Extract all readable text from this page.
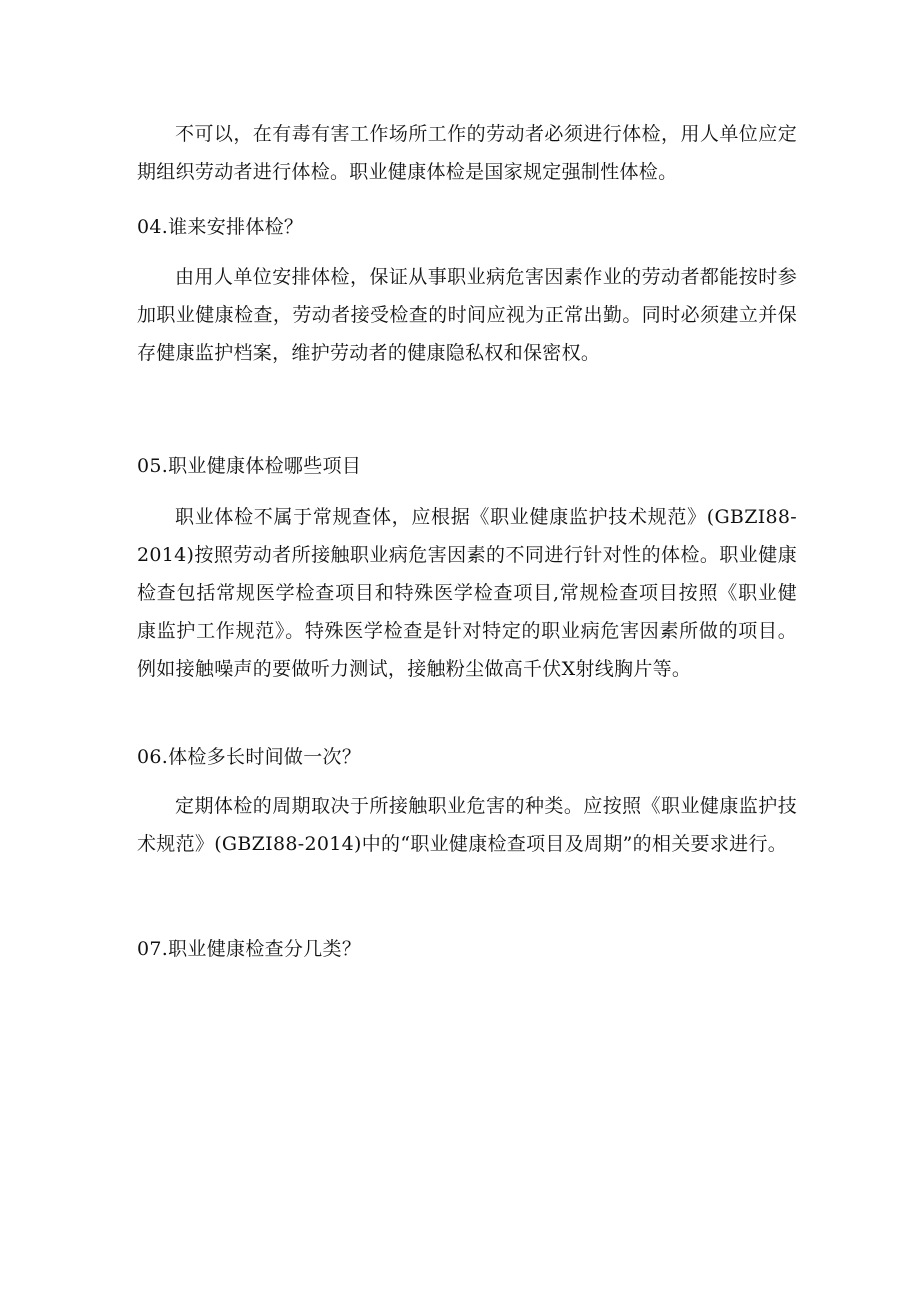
不可以，在有毒有害工作场所工作的劳动者必须进行体检，用人单位应定期组织劳动者进行体检。职业健康体检是国家规定强制性体检。

04.谁来安排体检？

由用人单位安排体检，保证从事职业病危害因素作业的劳动者都能按时参加职业健康检查，劳动者接受检查的时间应视为正常出勤。同时必须建立并保存健康监护档案，维护劳动者的健康隐私权和保密权。

05.职业健康体检哪些项目

职业体检不属于常规查体，应根据《职业健康监护技术规范》(GBZI88-2014)按照劳动者所接触职业病危害因素的不同进行针对性的体检。职业健康检查包括常规医学检查项目和特殊医学检查项目,常规检查项目按照《职业健康监护工作规范》。特殊医学检查是针对特定的职业病危害因素所做的项目。例如接触噪声的要做听力测试，接触粉尘做高千伏X射线胸片等。

06.体检多长时间做一次？

定期体检的周期取决于所接触职业危害的种类。应按照《职业健康监护技术规范》(GBZI88-2014)中的“职业健康检查项目及周期”的相关要求进行。

07.职业健康检查分几类？
